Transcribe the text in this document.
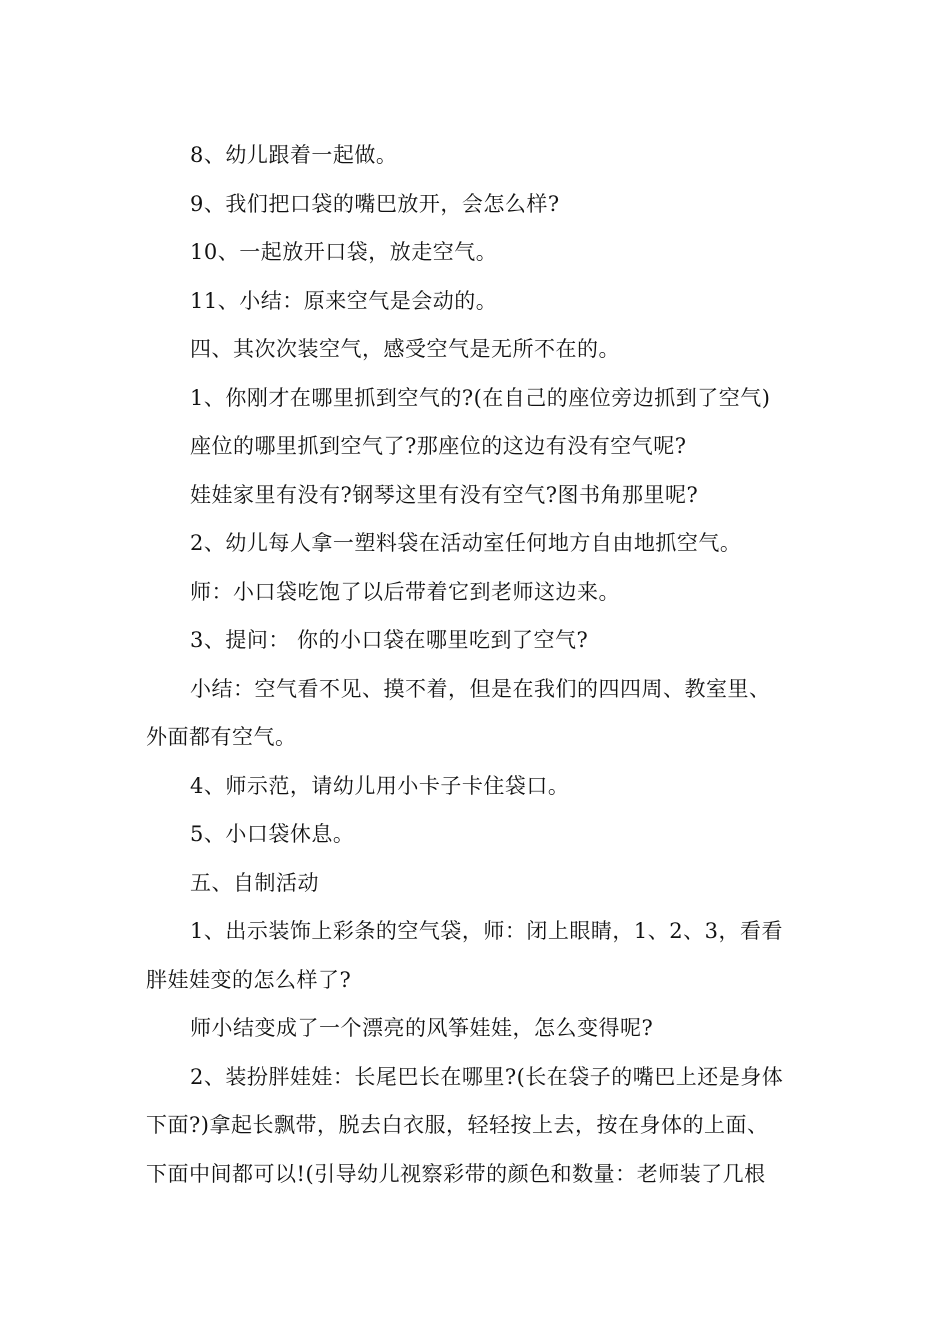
8、幼儿跟着一起做。

9、我们把口袋的嘴巴放开，会怎么样?

10、一起放开口袋，放走空气。

11、小结：原来空气是会动的。

四、其次次装空气，感受空气是无所不在的。

1、你刚才在哪里抓到空气的?(在自己的座位旁边抓到了空气)

座位的哪里抓到空气了?那座位的这边有没有空气呢?

娃娃家里有没有?钢琴这里有没有空气?图书角那里呢?

2、幼儿每人拿一塑料袋在活动室任何地方自由地抓空气。

师：小口袋吃饱了以后带着它到老师这边来。

3、提问： 你的小口袋在哪里吃到了空气?

小结：空气看不见、摸不着，但是在我们的四四周、教室里、

外面都有空气。

4、师示范，请幼儿用小卡子卡住袋口。

5、小口袋休息。

五、自制活动

1、出示装饰上彩条的空气袋，师：闭上眼睛，1、2、3，看看

胖娃娃变的怎么样了?

师小结变成了一个漂亮的风筝娃娃，怎么变得呢?

2、装扮胖娃娃：长尾巴长在哪里?(长在袋子的嘴巴上还是身体

下面?)拿起长飘带，脱去白衣服，轻轻按上去，按在身体的上面、

下面中间都可以!(引导幼儿视察彩带的颜色和数量：老师装了几根
